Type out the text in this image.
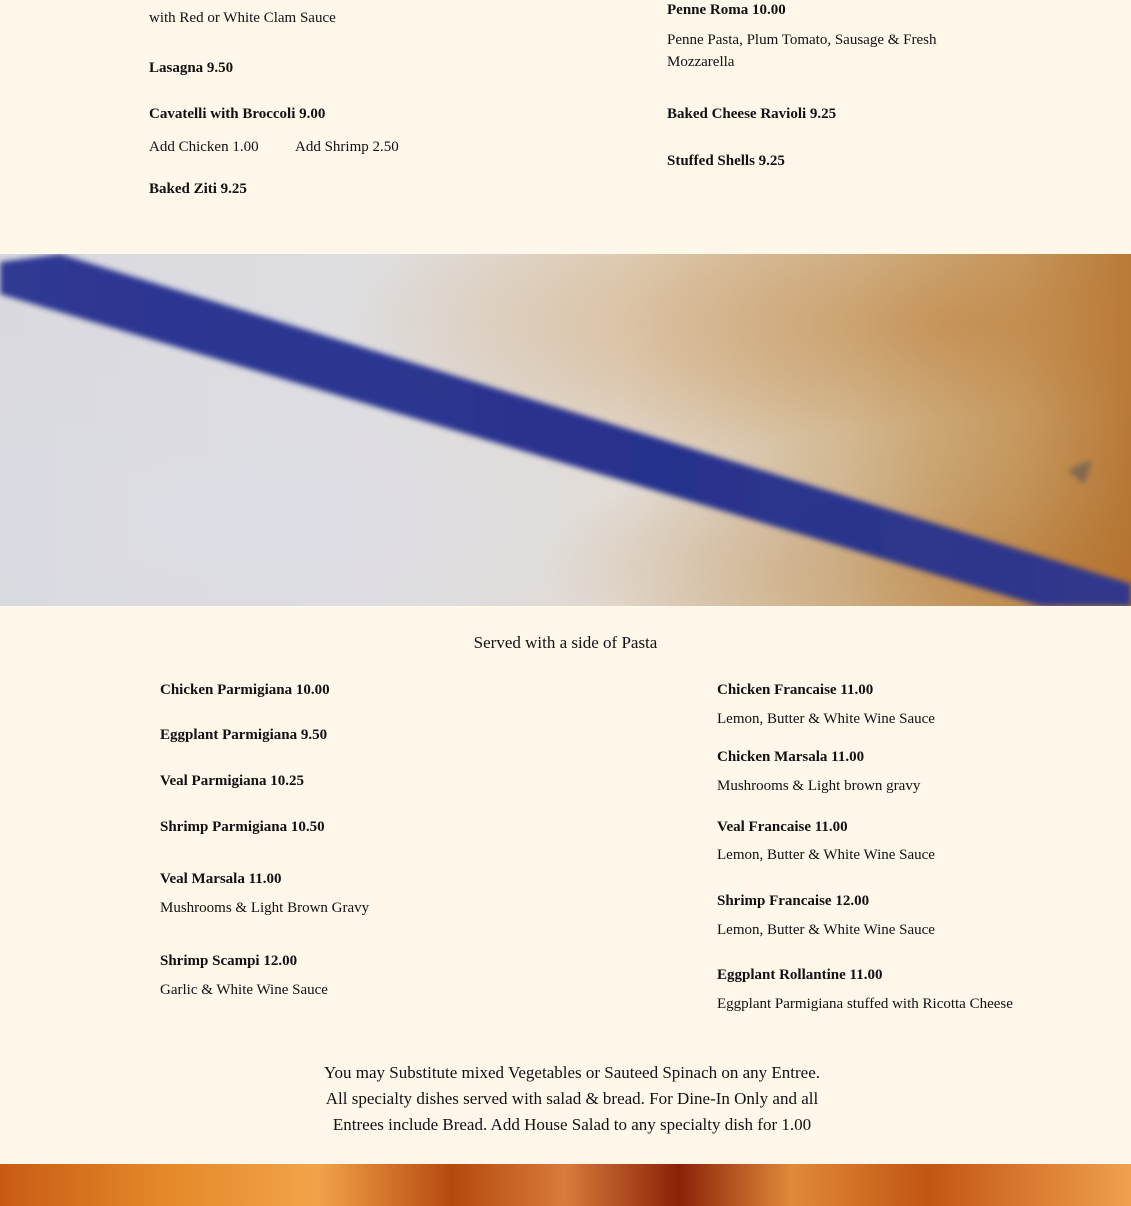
with Red or White Clam Sauce
Lasagna 9.50
Cavatelli with Broccoli 9.00
Add Chicken 1.00 Add Shrimp 2.50
Baked Ziti 9.25
Penne Roma 10.00
Penne Pasta, Plum Tomato, Sausage & Fresh
Mozzarella
Baked Cheese Ravioli 9.25
Stuffed Shells 9.25
Served with a side of Pasta
Chicken Parmigiana 10.00
Eggplant Parmigiana 9.50
Veal Parmigiana 10.25
Shrimp Parmigiana 10.50
Veal Marsala 11.00
Mushrooms & Light Brown Gravy
Shrimp Scampi 12.00
Garlic & White Wine Sauce
Chicken Francaise 11.00
Lemon, Butter & White Wine Sauce
Chicken Marsala 11.00
Mushrooms & Light brown gravy
Veal Francaise 11.00
Lemon, Butter & White Wine Sauce
Shrimp Francaise 12.00
Lemon, Butter & White Wine Sauce
Eggplant Rollantine 11.00
Eggplant Parmigiana stuffed with Ricotta Cheese
You may Substitute mixed Vegetables or Sauteed Spinach on any Entree.
All specialty dishes served with salad & bread. For Dine-In Only and all
Entrees include Bread. Add House Salad to any specialty dish for 1.00
